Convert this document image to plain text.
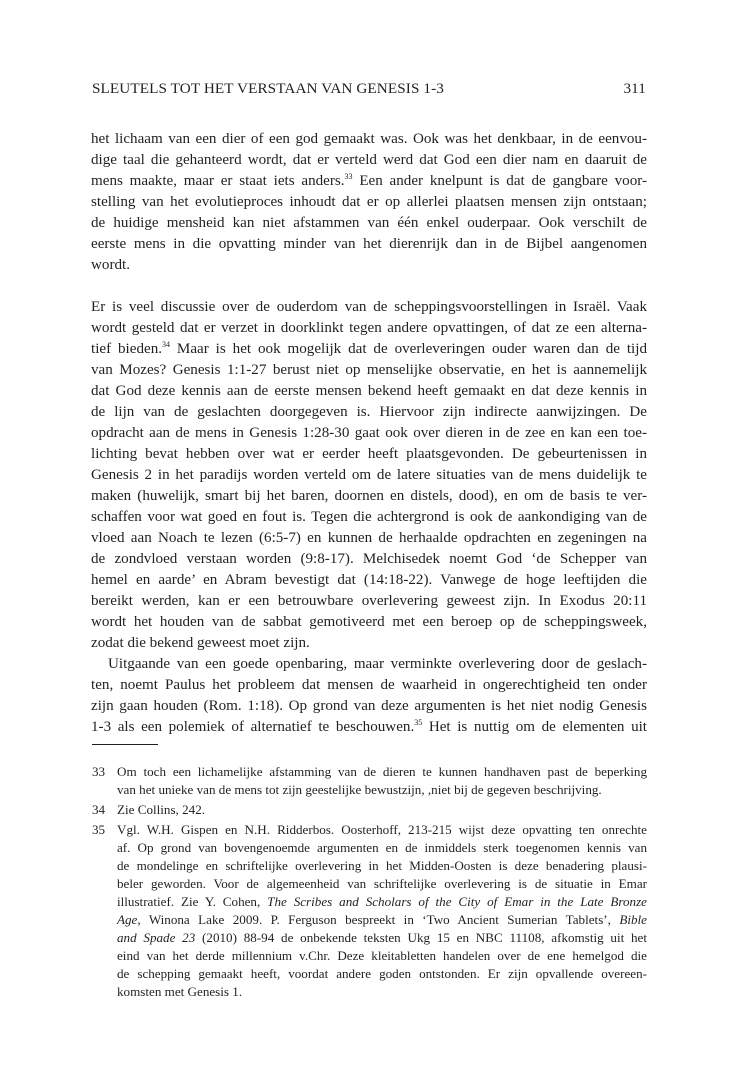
SLEUTELS TOT HET VERSTAAN VAN GENESIS 1-3	311
het lichaam van een dier of een god gemaakt was. Ook was het denkbaar, in de eenvou-
dige taal die gehanteerd wordt, dat er verteld werd dat God een dier nam en daaruit de
mens maakte, maar er staat iets anders.$^{33}$ Een ander knelpunt is dat de gangbare voor-
stelling van het evolutieproces inhoudt dat er op allerlei plaatsen mensen zijn ontstaan;
de huidige mensheid kan niet afstammen van één enkel ouderpaar. Ook verschilt de
eerste mens in die opvatting minder van het dierenrijk dan in de Bijbel aangenomen
wordt.
Er is veel discussie over de ouderdom van de scheppingsvoorstellingen in Israël. Vaak
wordt gesteld dat er verzet in doorklinkt tegen andere opvattingen, of dat ze een alterna-
tief bieden.$^{34}$ Maar is het ook mogelijk dat de overleveringen ouder waren dan de tijd
van Mozes? Genesis 1:1-27 berust niet op menselijke observatie, en het is aannemelijk
dat God deze kennis aan de eerste mensen bekend heeft gemaakt en dat deze kennis in
de lijn van de geslachten doorgegeven is. Hiervoor zijn indirecte aanwijzingen. De
opdracht aan de mens in Genesis 1:28-30 gaat ook over dieren in de zee en kan een toe-
lichting bevat hebben over wat er eerder heeft plaatsgevonden. De gebeurtenissen in
Genesis 2 in het paradijs worden verteld om de latere situaties van de mens duidelijk te
maken (huwelijk, smart bij het baren, doornen en distels, dood), en om de basis te ver-
schaffen voor wat goed en fout is. Tegen die achtergrond is ook de aankondiging van de
vloed aan Noach te lezen (6:5-7) en kunnen de herhaalde opdrachten en zegeningen na
de zondvloed verstaan worden (9:8-17). Melchisedek noemt God ‘de Schepper van
hemel en aarde’ en Abram bevestigt dat (14:18-22). Vanwege de hoge leeftijden die
bereikt werden, kan er een betrouwbare overlevering geweest zijn. In Exodus 20:11
wordt het houden van de sabbat gemotiveerd met een beroep op de scheppingsweek,
zodat die bekend geweest moet zijn.
Uitgaande van een goede openbaring, maar verminkte overlevering door de geslach-
ten, noemt Paulus het probleem dat mensen de waarheid in ongerechtigheid ten onder
zijn gaan houden (Rom. 1:18). Op grond van deze argumenten is het niet nodig Genesis
1-3 als een polemiek of alternatief te beschouwen.$^{35}$ Het is nuttig om de elementen uit
33 Om toch een lichamelijke afstamming van de dieren te kunnen handhaven past de beperking
van het unieke van de mens tot zijn geestelijke bewustzijn, ,niet bij de gegeven beschrijving.
34 Zie Collins, 242.
35 Vgl. W.H. Gispen en N.H. Ridderbos. Oosterhoff, 213-215 wijst deze opvatting ten onrechte
af. Op grond van bovengenoemde argumenten en de inmiddels sterk toegenomen kennis van
de mondelinge en schriftelijke overlevering in het Midden-Oosten is deze benadering plausi-
beler geworden. Voor de algemeenheid van schriftelijke overlevering is de situatie in Emar
illustratief. Zie Y. Cohen, The Scribes and Scholars of the City of Emar in the Late Bronze
Age, Winona Lake 2009. P. Ferguson bespreekt in ‘Two Ancient Sumerian Tablets’, Bible
and Spade 23 (2010) 88-94 de onbekende teksten Ukg 15 en NBC 11108, afkomstig uit het
eind van het derde millennium v.Chr. Deze kleitabletten handelen over de ene hemelgod die
de schepping gemaakt heeft, voordat andere goden ontstonden. Er zijn opvallende overeen-
komsten met Genesis 1.
